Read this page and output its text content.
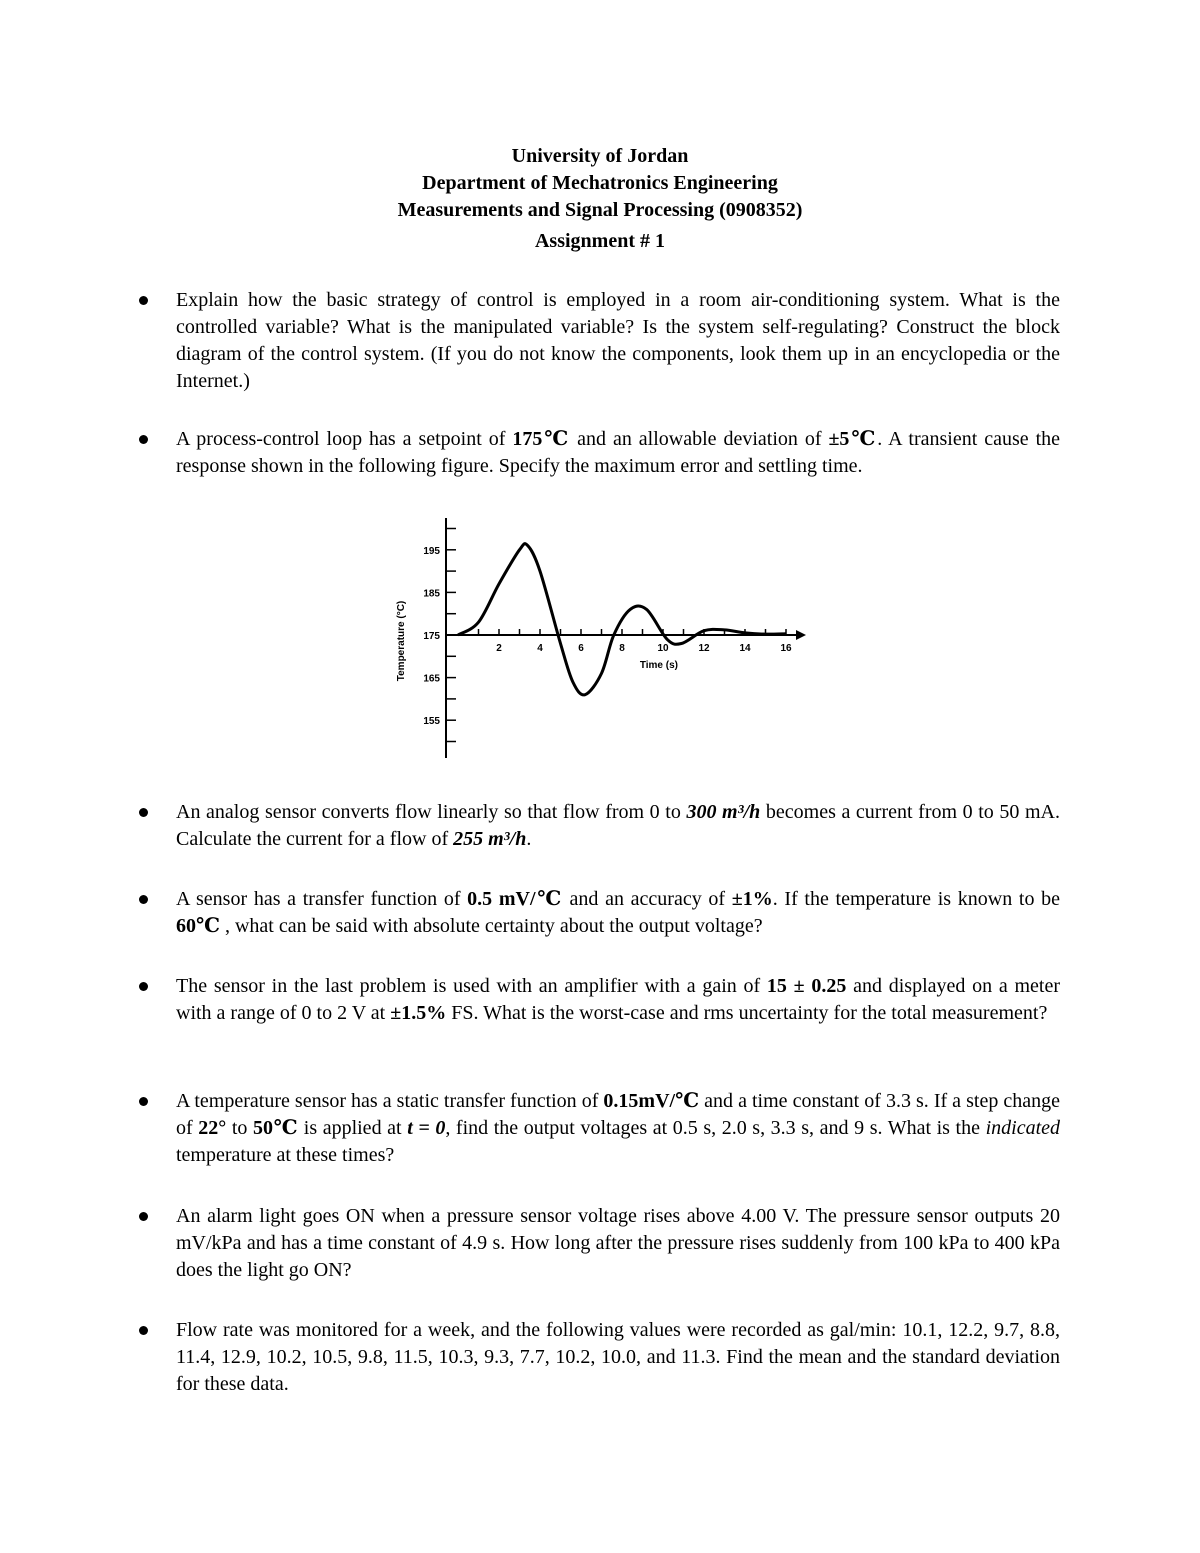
University of Jordan
Department of Mechatronics Engineering
Measurements and Signal Processing (0908352)
Assignment # 1
Explain how the basic strategy of control is employed in a room air-conditioning system. What is the controlled variable? What is the manipulated variable? Is the system self-regulating? Construct the block diagram of the control system. (If you do not know the components, look them up in an encyclopedia or the Internet.)
A process-control loop has a setpoint of 175℃ and an allowable deviation of ±5℃. A transient cause the response shown in the following figure. Specify the maximum error and settling time.
195
185
175
165
155
2	4	6	8	10	12	14	16
Time (s)
Temperature (°C)
An analog sensor converts flow linearly so that flow from 0 to 300 m³/h becomes a current from 0 to 50 mA. Calculate the current for a flow of 255 m³/h.
A sensor has a transfer function of 0.5 mV/℃ and an accuracy of ±1%. If the temperature is known to be 60℃ , what can be said with absolute certainty about the output voltage?
The sensor in the last problem is used with an amplifier with a gain of 15 ± 0.25 and displayed on a meter with a range of 0 to 2 V at ±1.5% FS. What is the worst-case and rms uncertainty for the total measurement?
A temperature sensor has a static transfer function of 0.15mV/℃ and a time constant of 3.3 s. If a step change of 22° to 50℃ is applied at t = 0, find the output voltages at 0.5 s, 2.0 s, 3.3 s, and 9 s. What is the indicated temperature at these times?
An alarm light goes ON when a pressure sensor voltage rises above 4.00 V. The pressure sensor outputs 20 mV/kPa and has a time constant of 4.9 s. How long after the pressure rises suddenly from 100 kPa to 400 kPa does the light go ON?
Flow rate was monitored for a week, and the following values were recorded as gal/min: 10.1, 12.2, 9.7, 8.8, 11.4, 12.9, 10.2, 10.5, 9.8, 11.5, 10.3, 9.3, 7.7, 10.2, 10.0, and 11.3. Find the mean and the standard deviation for these data.
